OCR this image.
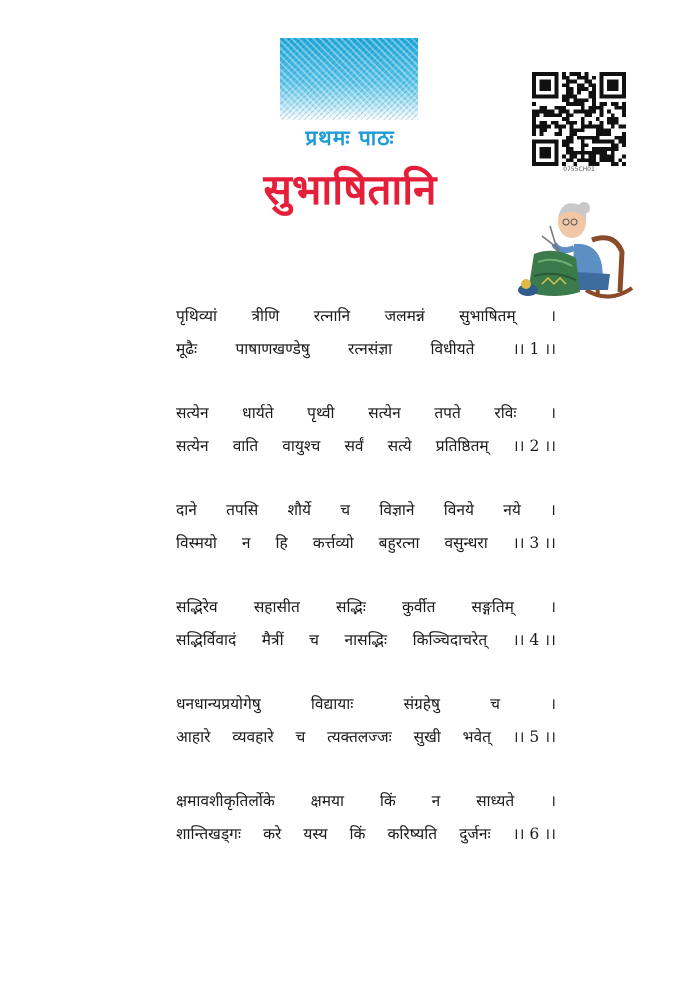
प्रथमः पाठः
सुभाषितानि	0755CH01
पृथिव्यां त्रीणि रत्नानि जलमन्नं सुभाषितम् ।
मूढैः पाषाणखण्डेषु रत्नसंज्ञा विधीयते ।। 1 ।।
सत्येन धार्यते पृथ्वी सत्येन तपते रविः ।
सत्येन वाति वायुश्च सर्वं सत्ये प्रतिष्ठितम् ।। 2 ।।
दाने तपसि शौर्ये च विज्ञाने विनये नये ।
विस्मयो न हि कर्त्तव्यो बहुरत्ना वसुन्धरा ।। 3 ।।
सद्भिरेव सहासीत सद्भिः कुर्वीत सङ्गतिम् ।
सद्भिर्विवादं मैत्रीं च नासद्भिः किञ्चिदाचरेत् ।। 4 ।।
धनधान्यप्रयोगेषु	विद्यायाः	संग्रहेषु	च	।
आहारे व्यवहारे च त्यक्तलज्जः सुखी भवेत् ।। 5 ।।
क्षमावशीकृतिर्लोके क्षमया किं न साध्यते ।
शान्तिखड्गः करे यस्य किं करिष्यति दुर्जनः ।। 6 ।।
